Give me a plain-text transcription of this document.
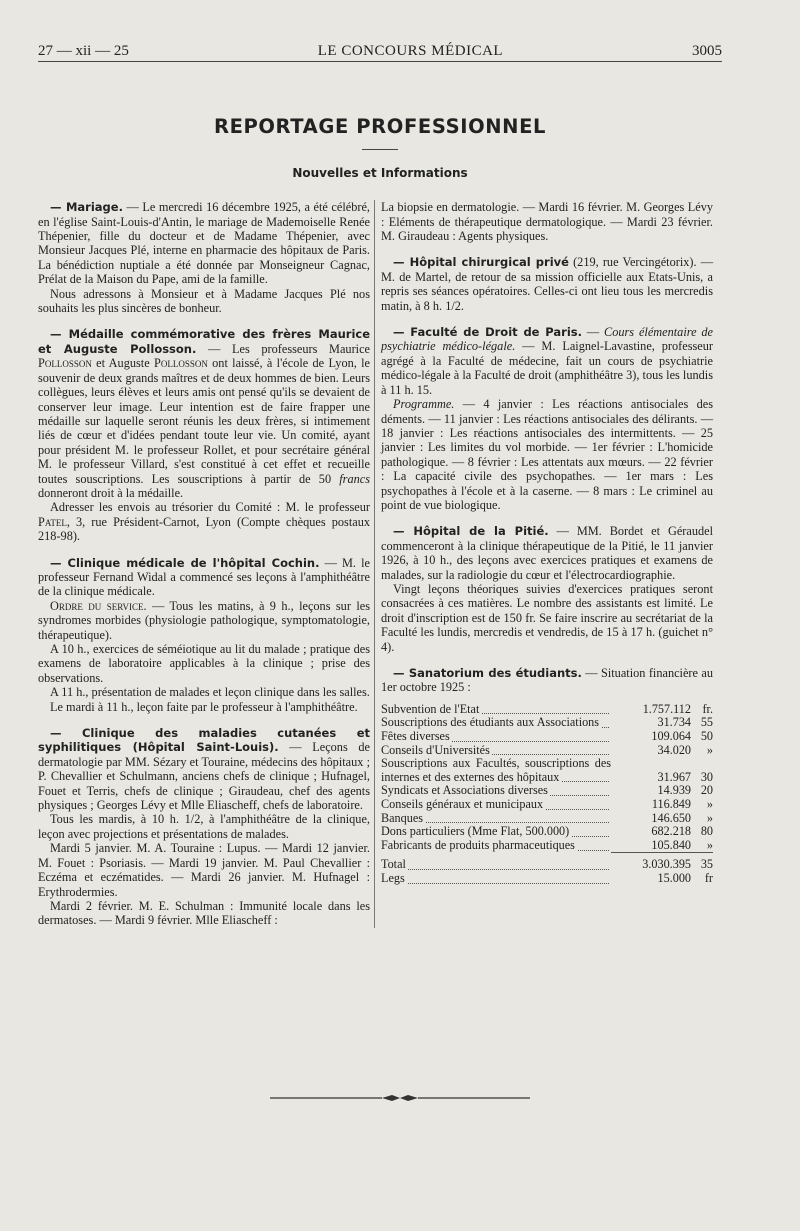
27 — xii — 25	LE CONCOURS MÉDICAL	3005
REPORTAGE PROFESSIONNEL
Nouvelles et Informations

— Mariage. — Le mercredi 16 décembre 1925, a été célébré, en l'église Saint-Louis-d'Antin, le mariage de Mademoiselle Renée Thépenier, fille du docteur et de Madame Thépenier, avec Monsieur Jacques Plé, interne en pharmacie des hôpitaux de Paris. La bénédiction nuptiale a été donnée par Monseigneur Cagnac, Prélat de la Maison du Pape, ami de la famille.

Nous adressons à Monsieur et à Madame Jacques Plé nos souhaits les plus sincères de bonheur.

— Médaille commémorative des frères Maurice et Auguste Pollosson. — Les professeurs Maurice Pollosson et Auguste Pollosson ont laissé, à l'école de Lyon, le souvenir de deux grands maîtres et de deux hommes de bien. Leurs collègues, leurs élèves et leurs amis ont pensé qu'ils se devaient de conserver leur image. Leur intention est de faire frapper une médaille sur laquelle seront réunis les deux frères, si intimement liés de cœur et d'idées pendant toute leur vie. Un comité, ayant pour président M. le professeur Rollet, et pour secrétaire général M. le professeur Villard, s'est constitué à cet effet et recueille toutes souscriptions. Les souscriptions à partir de 50 francs donneront droit à la médaille.

Adresser les envois au trésorier du Comité : M. le professeur Patel, 3, rue Président-Carnot, Lyon (Compte chèques postaux 218-98).

— Clinique médicale de l'hôpital Cochin. — M. le professeur Fernand Widal a commencé ses leçons à l'amphithéâtre de la clinique médicale.

Ordre du service. — Tous les matins, à 9 h., leçons sur les syndromes morbides (physiologie pathologique, symptomatologie, thérapeutique).

A 10 h., exercices de séméiotique au lit du malade ; pratique des examens de laboratoire applicables à la clinique ; prise des observations.

A 11 h., présentation de malades et leçon clinique dans les salles.

Le mardi à 11 h., leçon faite par le professeur à l'amphithéâtre.

— Clinique des maladies cutanées et syphilitiques (Hôpital Saint-Louis). — Leçons de dermatologie par MM. Sézary et Touraine, médecins des hôpitaux ; P. Chevallier et Schulmann, anciens chefs de clinique ; Hufnagel, Fouet et Terris, chefs de clinique ; Giraudeau, chef des agents physiques ; Georges Lévy et Mlle Eliascheff, chefs de laboratoire.

Tous les mardis, à 10 h. 1/2, à l'amphithéâtre de la clinique, leçon avec projections et présentations de malades.

Mardi 5 janvier. M. A. Touraine : Lupus. — Mardi 12 janvier. M. Fouet : Psoriasis. — Mardi 19 janvier. M. Paul Chevallier : Eczéma et eczématides. — Mardi 26 janvier. M. Hufnagel : Erythrodermies.

Mardi 2 février. M. E. Schulman : Immunité locale dans les dermatoses. — Mardi 9 février. Mlle Eliascheff :

La biopsie en dermatologie. — Mardi 16 février. M. Georges Lévy : Eléments de thérapeutique dermatologique. — Mardi 23 février. M. Giraudeau : Agents physiques.

— Hôpital chirurgical privé (219, rue Vercingétorix). — M. de Martel, de retour de sa mission officielle aux Etats-Unis, a repris ses séances opératoires. Celles-ci ont lieu tous les mercredis matin, à 8 h. 1/2.

— Faculté de Droit de Paris. — Cours élémentaire de psychiatrie médico-légale. — M. Laignel-Lavastine, professeur agrégé à la Faculté de médecine, fait un cours de psychiatrie médico-légale à la Faculté de droit (amphithéâtre 3), tous les lundis à 11 h. 15.

Programme. — 4 janvier : Les réactions antisociales des déments. — 11 janvier : Les réactions antisociales des délirants. — 18 janvier : Les réactions antisociales des intermittents. — 25 janvier : Les limites du vol morbide. — 1er février : L'homicide pathologique. — 8 février : Les attentats aux mœurs. — 22 février : La capacité civile des psychopathes. — 1er mars : Les psychopathes à l'école et à la caserne. — 8 mars : Le criminel au point de vue biologique.

— Hôpital de la Pitié. — MM. Bordet et Géraudel commenceront à la clinique thérapeutique de la Pitié, le 11 janvier 1926, à 10 h., des leçons avec exercices pratiques et examens de malades, sur la radiologie du cœur et l'électrocardiographie.

Vingt leçons théoriques suivies d'exercices pratiques seront consacrées à ces matières. Le nombre des assistants est limité. Le droit d'inscription est de 150 fr. Se faire inscrire au secrétariat de la Faculté les lundis, mercredis et vendredis, de 15 à 17 h. (guichet n° 4).

— Sanatorium des étudiants. — Situation financière au 1er octobre 1925 :

Subvention de l'Etat	1.757.112	fr.

Souscriptions des étudiants aux Associations	31.734	55

Fêtes diverses	109.064	50

Conseils d'Universités	34.020	»

Souscriptions aux Facultés, souscriptions des internes et des externes des hôpitaux	31.967	30

Syndicats et Associations diverses	14.939	20

Conseils généraux et municipaux	116.849	»

Banques	146.650	»

Dons particuliers (Mme Flat, 500.000)	682.218	80

Fabricants de produits pharmaceutiques	105.840	»

Total	3.030.395	35

Legs	15.000	fr
